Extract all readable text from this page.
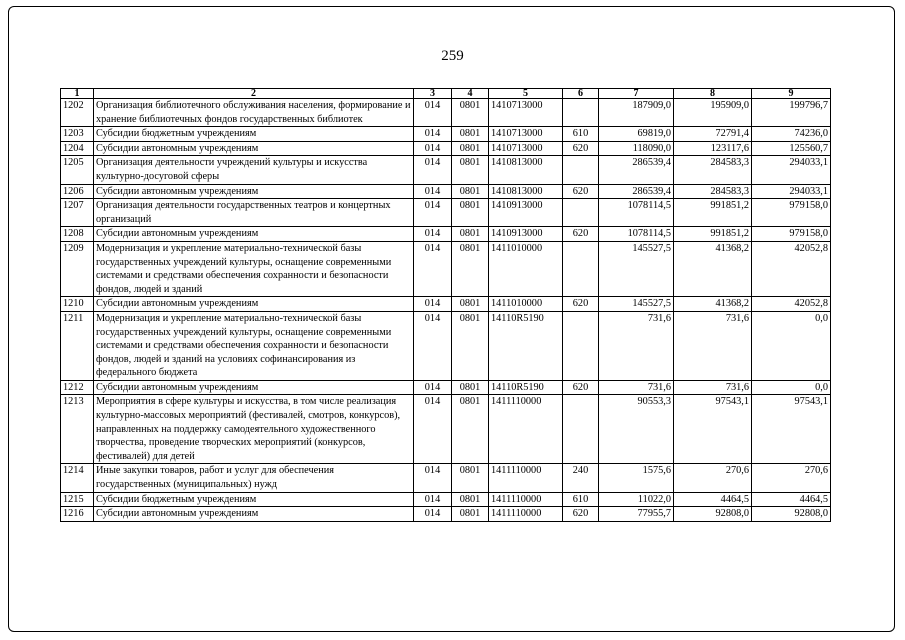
259
1	2	3	4	5	6	7	8	9
1202	Организация библиотечного обслуживания населения, формирование и хранение библиотечных фондов государственных библиотек	014	0801	1410713000		187909,0	195909,0	199796,7
1203	Субсидии бюджетным учреждениям	014	0801	1410713000	610	69819,0	72791,4	74236,0
1204	Субсидии автономным учреждениям	014	0801	1410713000	620	118090,0	123117,6	125560,7
1205	Организация деятельности учреждений культуры и искусства культурно-досуговой сферы	014	0801	1410813000		286539,4	284583,3	294033,1
1206	Субсидии автономным учреждениям	014	0801	1410813000	620	286539,4	284583,3	294033,1
1207	Организация деятельности государственных театров и концертных организаций	014	0801	1410913000		1078114,5	991851,2	979158,0
1208	Субсидии автономным учреждениям	014	0801	1410913000	620	1078114,5	991851,2	979158,0
1209	Модернизация и укрепление материально-технической базы государственных учреждений культуры, оснащение современными системами и средствами обеспечения сохранности и безопасности фондов, людей и зданий	014	0801	1411010000		145527,5	41368,2	42052,8
1210	Субсидии автономным учреждениям	014	0801	1411010000	620	145527,5	41368,2	42052,8
1211	Модернизация и укрепление материально-технической базы государственных учреждений культуры, оснащение современными системами и средствами обеспечения сохранности и безопасности фондов, людей и зданий на условиях софинансирования из федерального бюджета	014	0801	14110R5190		731,6	731,6	0,0
1212	Субсидии автономным учреждениям	014	0801	14110R5190	620	731,6	731,6	0,0
1213	Мероприятия в сфере культуры и искусства, в том числе реализация культурно-массовых мероприятий (фестивалей, смотров, конкурсов), направленных на поддержку самодеятельного художественного творчества, проведение творческих мероприятий (конкурсов, фестивалей) для детей	014	0801	1411110000		90553,3	97543,1	97543,1
1214	Иные закупки товаров, работ и услуг для обеспечения государственных (муниципальных) нужд	014	0801	1411110000	240	1575,6	270,6	270,6
1215	Субсидии бюджетным учреждениям	014	0801	1411110000	610	11022,0	4464,5	4464,5
1216	Субсидии автономным учреждениям	014	0801	1411110000	620	77955,7	92808,0	92808,0
